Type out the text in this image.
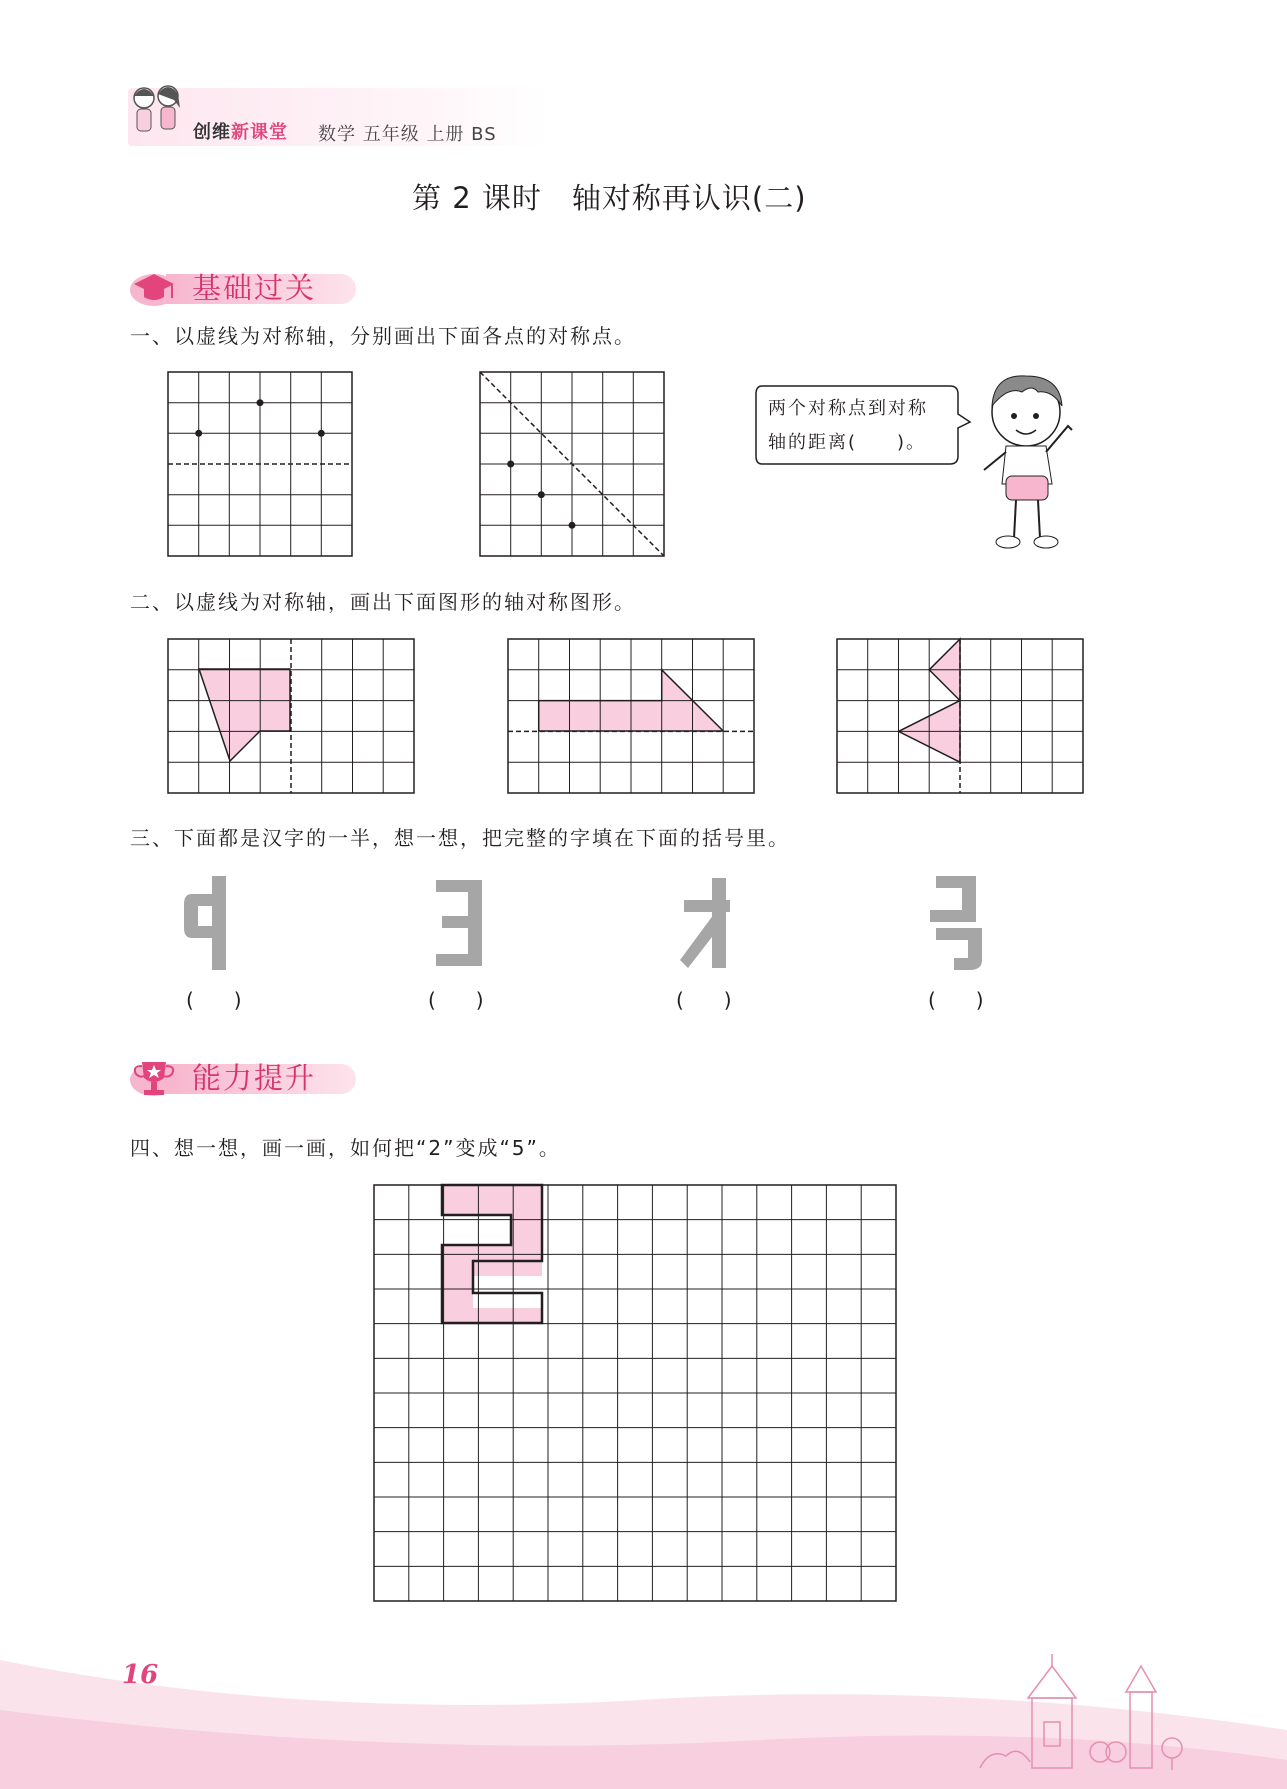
创维新课堂 数学 五年级 上册 BS
第 2 课时　轴对称再认识(二)
基础过关
一、以虚线为对称轴，分别画出下面各点的对称点。
两个对称点到对称
轴的距离(　　)。
二、以虚线为对称轴，画出下面图形的轴对称图形。
三、下面都是汉字的一半，想一想，把完整的字填在下面的括号里。
(　　)	(　　)	(　　)	(　　)
能力提升
四、想一想，画一画，如何把“2”变成“5”。
16
